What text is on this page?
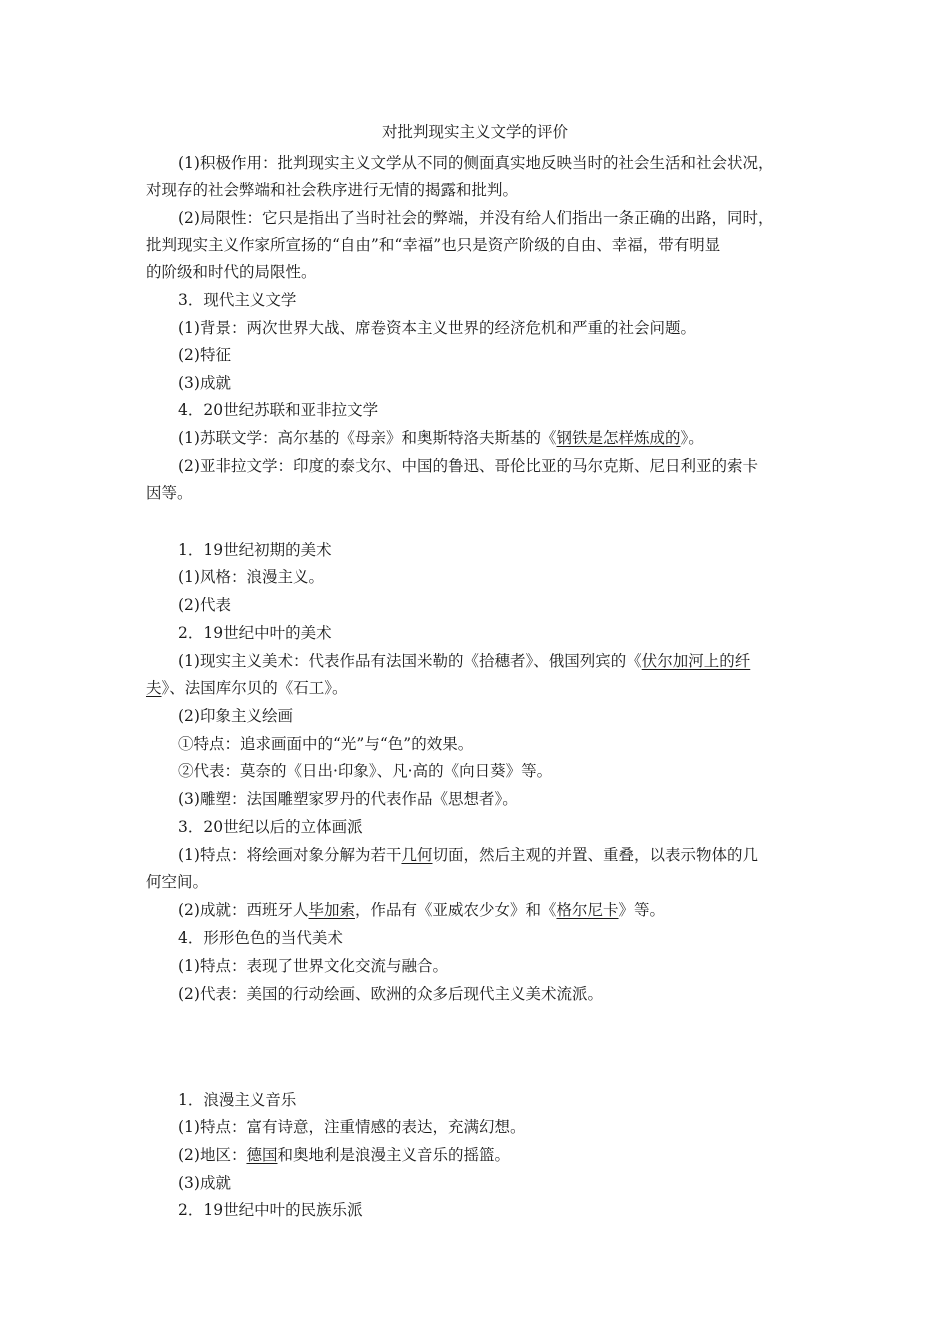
对批判现实主义文学的评价
(1)积极作用：批判现实主义文学从不同的侧面真实地反映当时的社会生活和社会状况，
对现存的社会弊端和社会秩序进行无情的揭露和批判。
(2)局限性：它只是指出了当时社会的弊端，并没有给人们指出一条正确的出路，同时，
批判现实主义作家所宣扬的“自由”和“幸福”也只是资产阶级的自由、幸福，带有明显
的阶级和时代的局限性。
3．现代主义文学
(1)背景：两次世界大战、席卷资本主义世界的经济危机和严重的社会问题。
(2)特征
(3)成就
4．20世纪苏联和亚非拉文学
(1)苏联文学：高尔基的《母亲》和奥斯特洛夫斯基的《钢铁是怎样炼成的》。
(2)亚非拉文学：印度的泰戈尔、中国的鲁迅、哥伦比亚的马尔克斯、尼日利亚的索卡
因等。
1．19世纪初期的美术
(1)风格：浪漫主义。
(2)代表
2．19世纪中叶的美术
(1)现实主义美术：代表作品有法国米勒的《拾穗者》、俄国列宾的《伏尔加河上的纤
夫》、法国库尔贝的《石工》。
(2)印象主义绘画
①特点：追求画面中的“光”与“色”的效果。
②代表：莫奈的《日出·印象》、凡·高的《向日葵》等。
(3)雕塑：法国雕塑家罗丹的代表作品《思想者》。
3．20世纪以后的立体画派
(1)特点：将绘画对象分解为若干几何切面，然后主观的并置、重叠，以表示物体的几
何空间。
(2)成就：西班牙人毕加索，作品有《亚威农少女》和《格尔尼卡》等。
4．形形色色的当代美术
(1)特点：表现了世界文化交流与融合。
(2)代表：美国的行动绘画、欧洲的众多后现代主义美术流派。
1．浪漫主义音乐
(1)特点：富有诗意，注重情感的表达，充满幻想。
(2)地区：德国和奥地利是浪漫主义音乐的摇篮。
(3)成就
2．19世纪中叶的民族乐派
